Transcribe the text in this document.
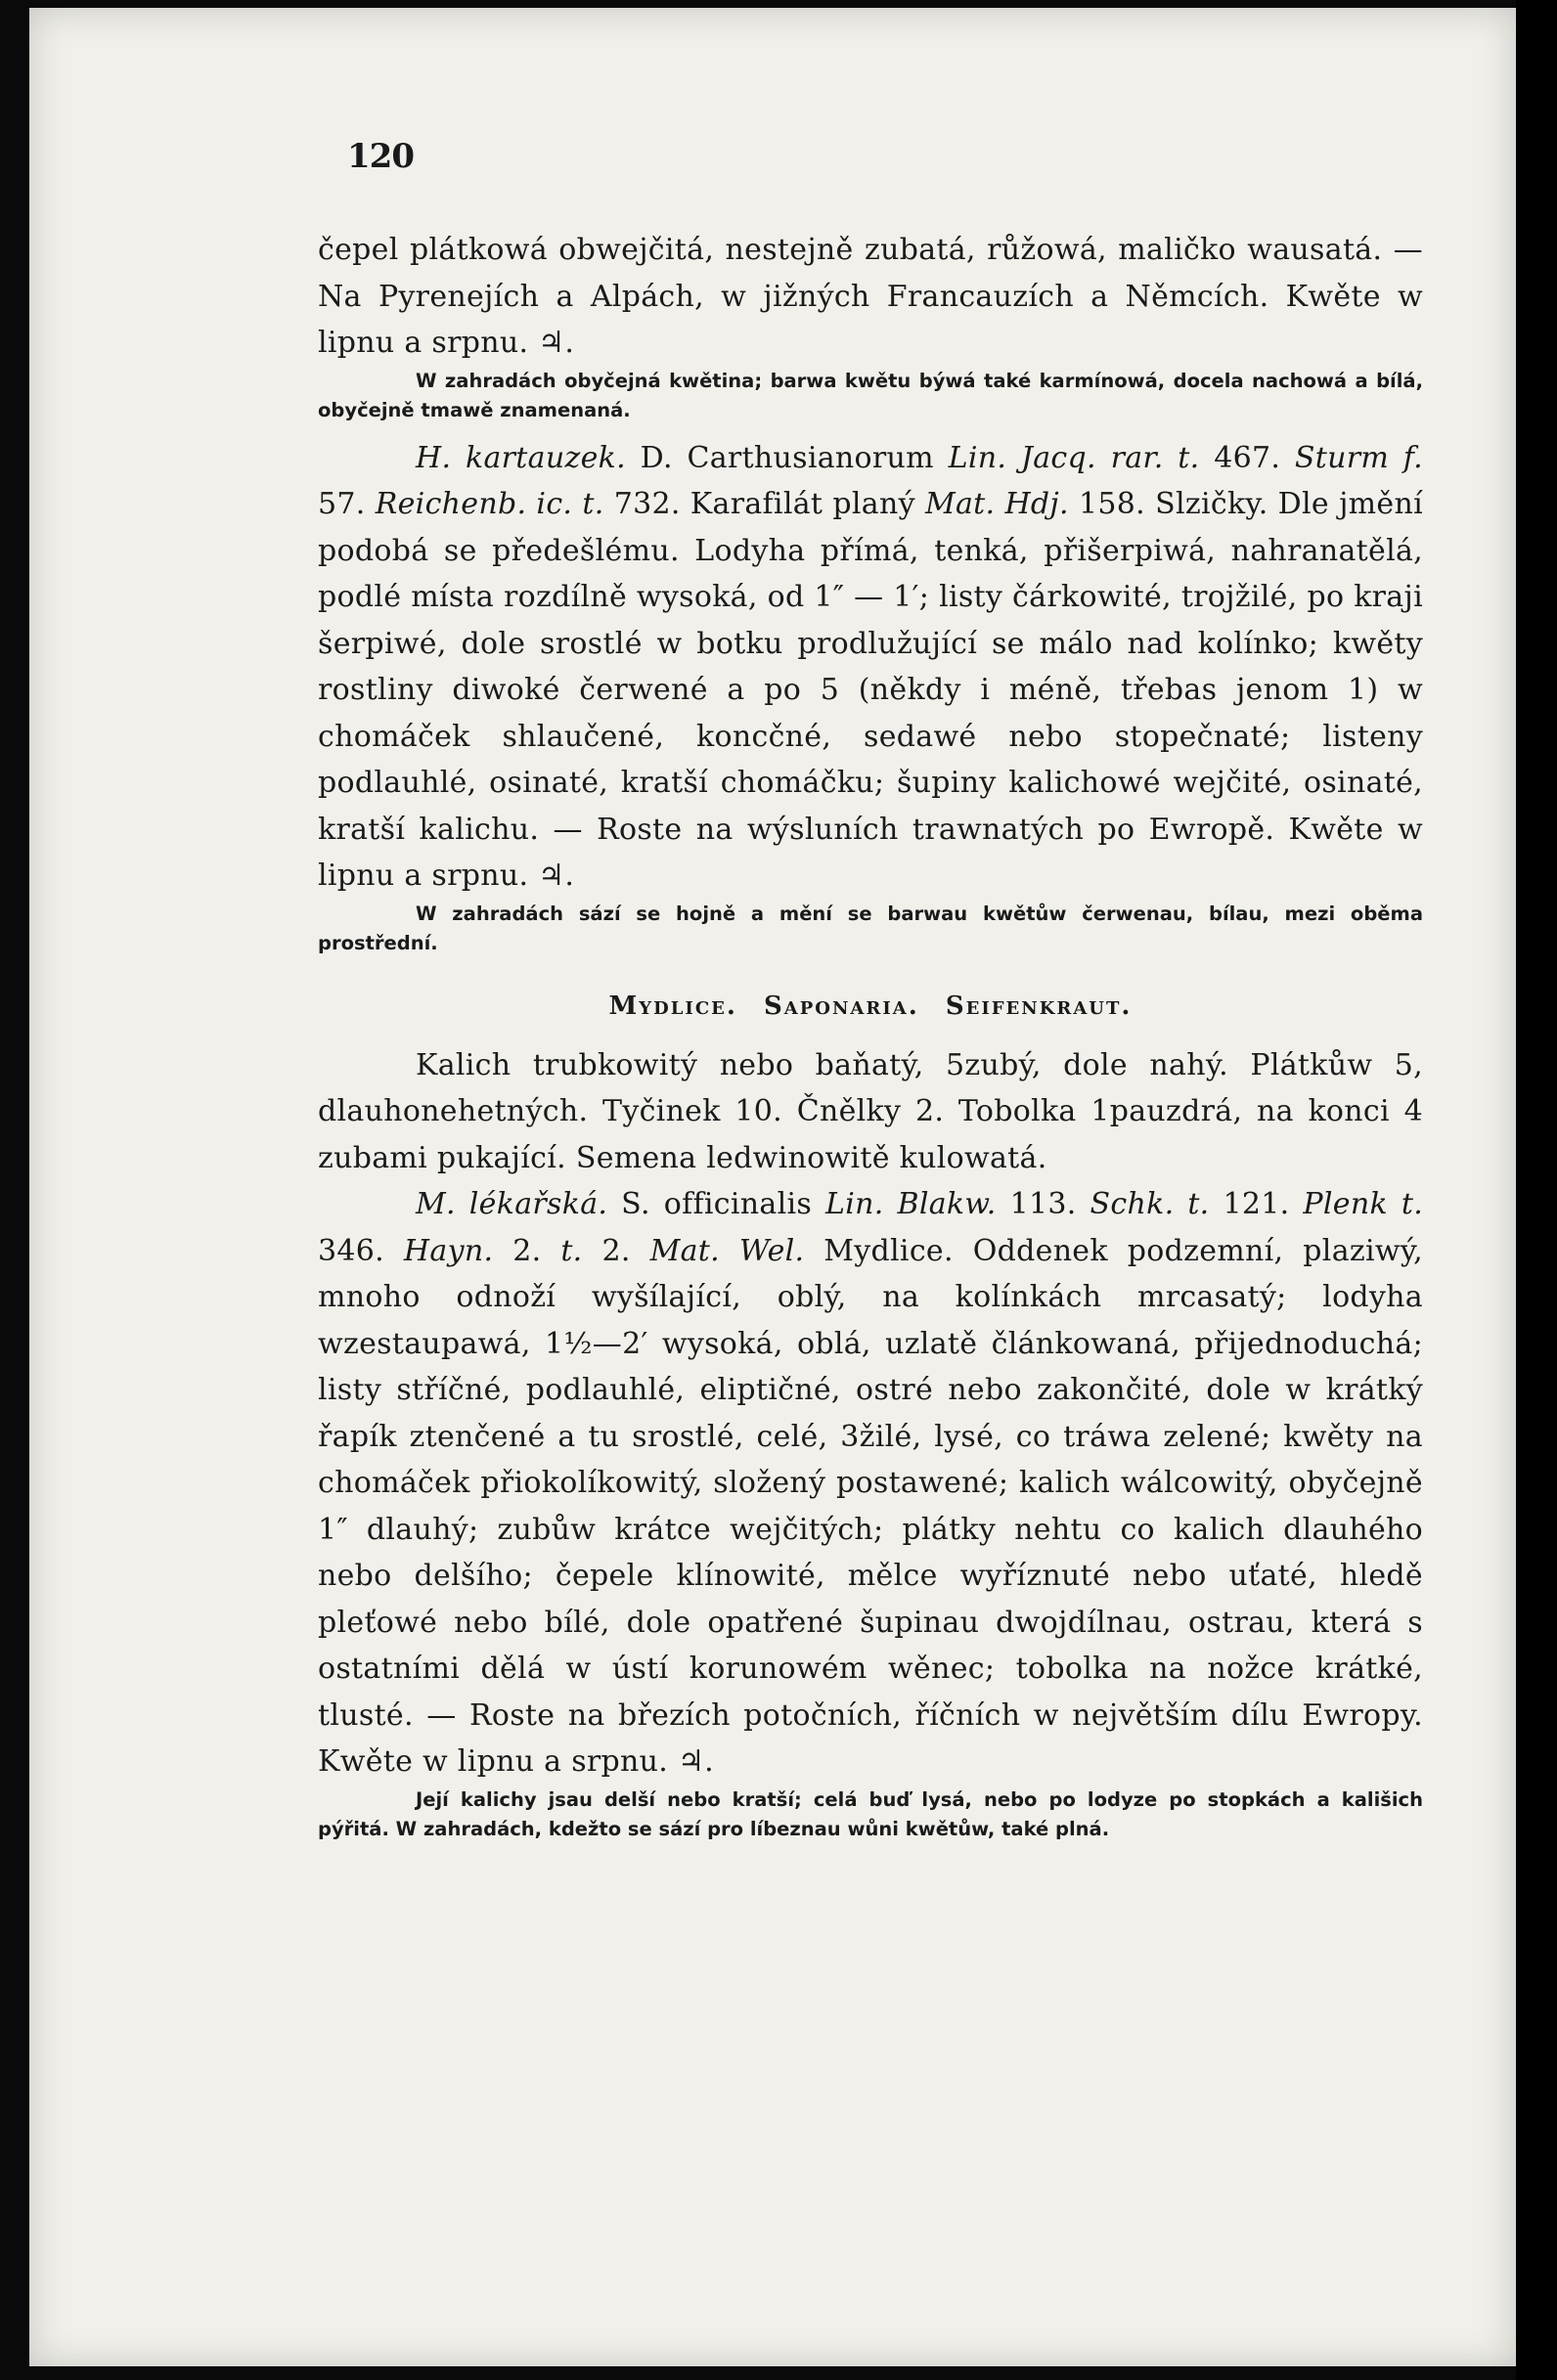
120

čepel plátkowá obwejčitá, nestejně zubatá, růžowá, maličko wausatá. — Na Pyrenejích a Alpách, w jižných Francauzích a Němcích. Kwěte w lipnu a srpnu. ♃.

W zahradách obyčejná kwětina; barwa kwětu býwá také karmínowá, docela nachowá a bílá, obyčejně tmawě znamenaná.

H. kartauzek. D. Carthusianorum Lin. Jacq. rar. t. 467. Sturm f. 57. Reichenb. ic. t. 732. Karafilát planý Mat. Hdj. 158. Slzičky. Dle jmění podobá se předešlému. Lodyha přímá, tenká, přišerpiwá, nahranatělá, podlé místa rozdílně wysoká, od 1″ — 1′; listy čárkowité, trojžilé, po kraji šerpiwé, dole srostlé w botku prodlužující se málo nad kolínko; kwěty rostliny diwoké čerwené a po 5 (někdy i méně, třebas jenom 1) w chomáček shlaučené, koncčné, sedawé nebo stopečnaté; listeny podlauhlé, osinaté, kratší chomáčku; šupiny kalichowé wejčité, osinaté, kratší kalichu. — Roste na wýsluních trawnatých po Ewropě. Kwěte w lipnu a srpnu. ♃.

W zahradách sází se hojně a mění se barwau kwětůw čerwenau, bílau, mezi oběma prostřední.

Mydlice. Saponaria. Seifenkraut.

Kalich trubkowitý nebo baňatý, 5zubý, dole nahý. Plátkůw 5, dlauhonehetných. Tyčinek 10. Čnělky 2. Tobolka 1pauzdrá, na konci 4 zubami pukající. Semena ledwinowitě kulowatá.

M. lékařská. S. officinalis Lin. Blakw. 113. Schk. t. 121. Plenk t. 346. Hayn. 2. t. 2. Mat. Wel. Mydlice. Oddenek podzemní, plaziwý, mnoho odnoží wyšílající, oblý, na kolínkách mrcasatý; lodyha wzestaupawá, 1½—2′ wysoká, oblá, uzlatě článkowaná, přijednoduchá; listy stříčné, podlauhlé, eliptičné, ostré nebo zakončité, dole w krátký řapík ztenčené a tu srostlé, celé, 3žilé, lysé, co tráwa zelené; kwěty na chomáček přiokolíkowitý, složený postawené; kalich wálcowitý, obyčejně 1″ dlauhý; zubůw krátce wejčitých; plátky nehtu co kalich dlauhého nebo delšího; čepele klínowité, mělce wyříznuté nebo uťaté, hledě pleťowé nebo bílé, dole opatřené šupinau dwojdílnau, ostrau, která s ostatními dělá w ústí korunowém wěnec; tobolka na nožce krátké, tlusté. — Roste na březích potočních, říčních w největším dílu Ewropy. Kwěte w lipnu a srpnu. ♃.

Její kalichy jsau delší nebo kratší; celá buď lysá, nebo po lodyze po stopkách a kališich pýřitá. W zahradách, kdežto se sází pro líbeznau wůni kwětůw, také plná.
